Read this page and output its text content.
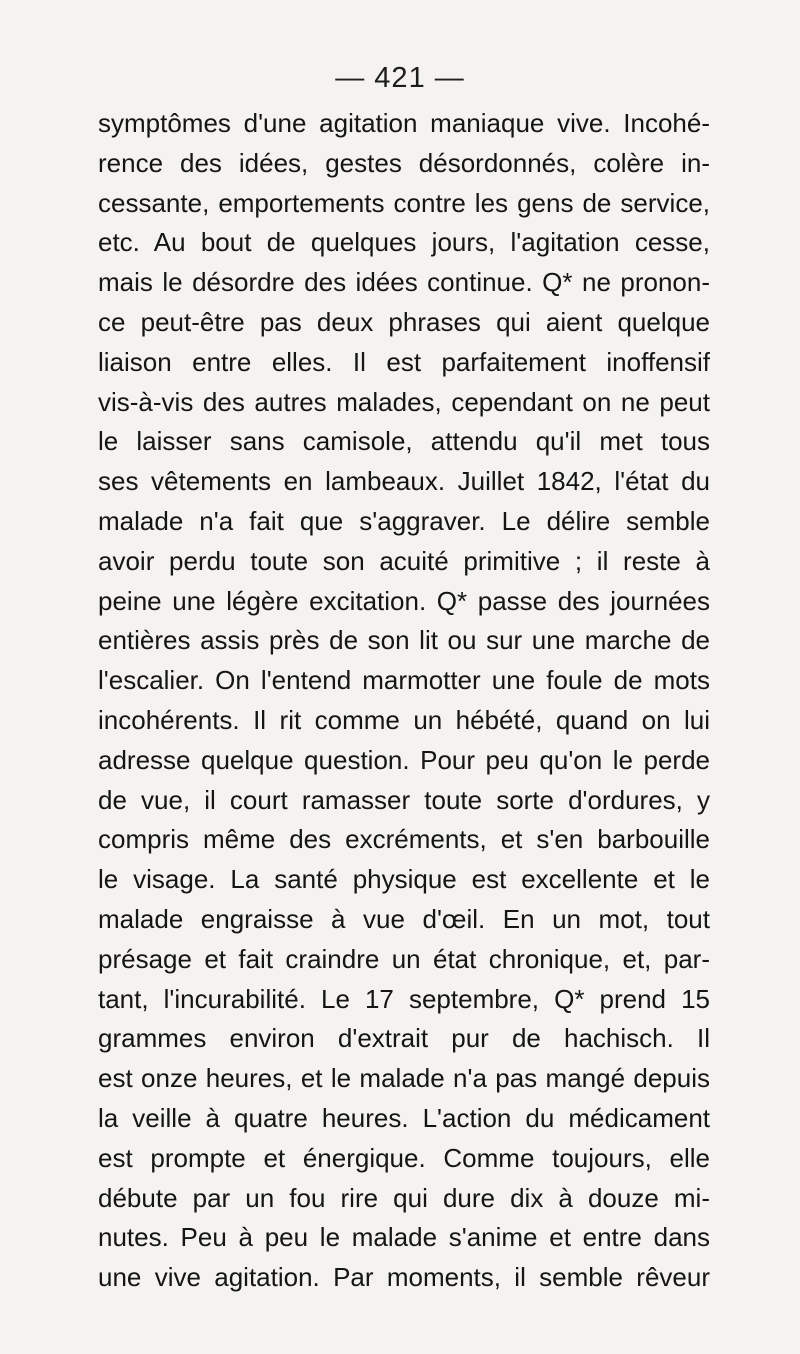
— 421 —
symptômes d'une agitation maniaque vive. Incohé-
rence des idées, gestes désordonnés, colère in-
cessante, emportements contre les gens de service,
etc. Au bout de quelques jours, l'agitation cesse,
mais le désordre des idées continue. Q* ne pronon-
ce peut-être pas deux phrases qui aient quelque
liaison entre elles. Il est parfaitement inoffensif
vis-à-vis des autres malades, cependant on ne peut
le laisser sans camisole, attendu qu'il met tous
ses vêtements en lambeaux. Juillet 1842, l'état du
malade n'a fait que s'aggraver. Le délire semble
avoir perdu toute son acuité primitive ; il reste à
peine une légère excitation. Q* passe des journées
entières assis près de son lit ou sur une marche de
l'escalier. On l'entend marmotter une foule de mots
incohérents. Il rit comme un hébété, quand on lui
adresse quelque question. Pour peu qu'on le perde
de vue, il court ramasser toute sorte d'ordures, y
compris même des excréments, et s'en barbouille
le visage. La santé physique est excellente et le
malade engraisse à vue d'œil. En un mot, tout
présage et fait craindre un état chronique, et, par-
tant, l'incurabilité. Le 17 septembre, Q* prend 15
grammes environ d'extrait pur de hachisch. Il
est onze heures, et le malade n'a pas mangé depuis
la veille à quatre heures. L'action du médicament
est prompte et énergique. Comme toujours, elle
débute par un fou rire qui dure dix à douze mi-
nutes. Peu à peu le malade s'anime et entre dans
une vive agitation. Par moments, il semble rêveur
